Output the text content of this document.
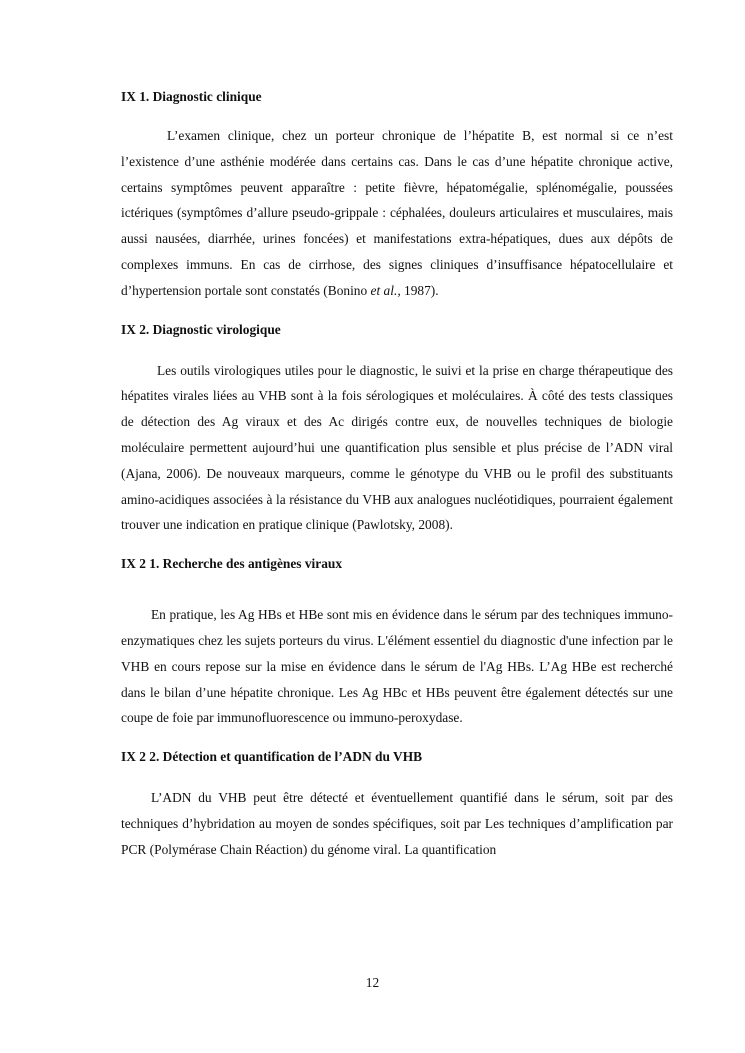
IX 1. Diagnostic clinique

L’examen clinique, chez un porteur chronique de l’hépatite B, est normal si ce n’est l’existence d’une asthénie modérée dans certains cas. Dans le cas d’une hépatite chronique active, certains symptômes peuvent apparaître : petite fièvre, hépatomégalie, splénomégalie, poussées ictériques (symptômes d’allure pseudo-grippale : céphalées, douleurs articulaires et musculaires, mais aussi nausées, diarrhée, urines foncées) et manifestations extra-hépatiques, dues aux dépôts de complexes immuns. En cas de cirrhose, des signes cliniques d’insuffisance hépatocellulaire et d’hypertension portale sont constatés (Bonino et al., 1987).

IX 2. Diagnostic virologique

Les outils virologiques utiles pour le diagnostic, le suivi et la prise en charge thérapeutique des hépatites virales liées au VHB sont à la fois sérologiques et moléculaires. À côté des tests classiques de détection des Ag viraux et des Ac dirigés contre eux, de nouvelles techniques de biologie moléculaire permettent aujourd’hui une quantification plus sensible et plus précise de l’ADN viral (Ajana, 2006). De nouveaux marqueurs, comme le génotype du VHB ou le profil des substituants amino-acidiques associées à la résistance du VHB aux analogues nucléotidiques, pourraient également trouver une indication en pratique clinique (Pawlotsky, 2008).

IX 2 1. Recherche des antigènes viraux

En pratique, les Ag HBs et HBe sont mis en évidence dans le sérum par des techniques immuno-enzymatiques chez les sujets porteurs du virus. L'élément essentiel du diagnostic d'une infection par le VHB en cours repose sur la mise en évidence dans le sérum de l'Ag HBs. L’Ag HBe est recherché dans le bilan d’une hépatite chronique. Les Ag HBc et HBs peuvent être également détectés sur une coupe de foie par immunofluorescence ou immuno-peroxydase.

IX 2 2. Détection et quantification de l’ADN du VHB

L’ADN du VHB peut être détecté et éventuellement quantifié dans le sérum, soit par des techniques d’hybridation au moyen de sondes spécifiques, soit par Les techniques d’amplification par PCR (Polymérase Chain Réaction) du génome viral. La quantification

12
